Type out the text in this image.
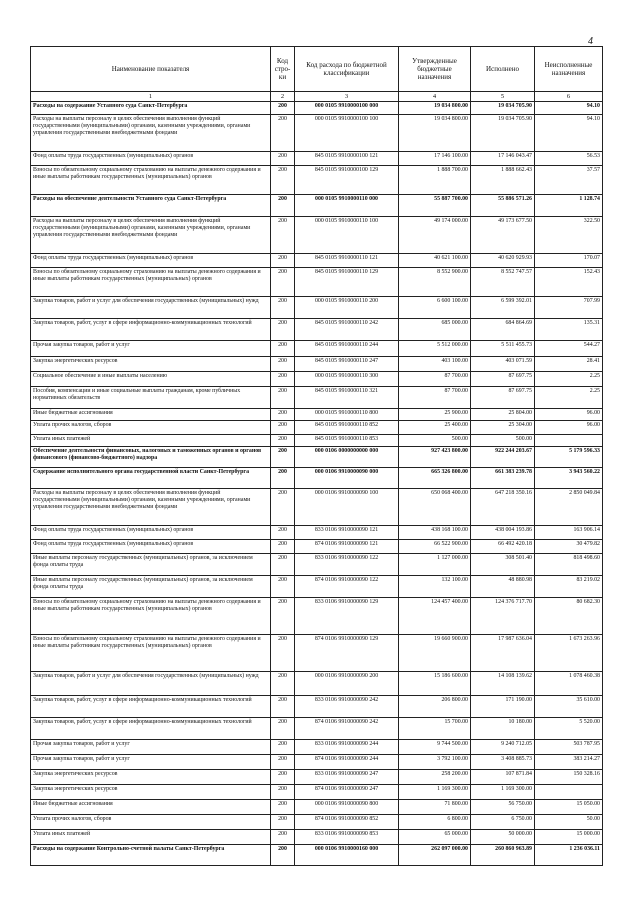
4
Наименование показателя	Код стро-ки	Код расхода по бюджетной классификации	Утвержденные бюджетные назначения	Исполнено	Неисполненные назначения
1	2	3	4	5	6
Расходы на содержание Уставного суда Санкт-Петербурга	200	000 0105 9910000100 000	19 034 800.00	19 034 705.90	94.10
Расходы на выплаты персоналу в целях обеспечения выполнения функций государственными (муниципальными) органами, казенными учреждениями, органами управления государственными внебюджетными фондами	200	000 0105 9910000100 100	19 034 800.00	19 034 705.90	94.10
Фонд оплаты труда государственных (муниципальных) органов	200	845 0105 9910000100 121	17 146 100.00	17 146 043.47	56.53
Взносы по обязательному социальному страхованию на выплаты денежного содержания и иные выплаты работникам государственных (муниципальных) органов	200	845 0105 9910000100 129	1 888 700.00	1 888 662.43	37.57
Расходы на обеспечение деятельности Уставного суда Санкт-Петербурга	200	000 0105 9910000110 000	55 887 700.00	55 886 571.26	1 128.74
Расходы на выплаты персоналу в целях обеспечения выполнения функций государственными (муниципальными) органами, казенными учреждениями, органами управления государственными внебюджетными фондами	200	000 0105 9910000110 100	49 174 000.00	49 173 677.50	322.50
Фонд оплаты труда государственных (муниципальных) органов	200	845 0105 9910000110 121	40 621 100.00	40 620 929.93	170.07
Взносы по обязательному социальному страхованию на выплаты денежного содержания и иные выплаты работникам государственных (муниципальных) органов	200	845 0105 9910000110 129	8 552 900.00	8 552 747.57	152.43
Закупка товаров, работ и услуг для обеспечения государственных (муниципальных) нужд	200	000 0105 9910000110 200	6 600 100.00	6 599 392.01	707.99
Закупка товаров, работ, услуг в сфере информационно-коммуникационных технологий	200	845 0105 9910000110 242	685 000.00	684 864.69	135.31
Прочая закупка товаров, работ и услуг	200	845 0105 9910000110 244	5 512 000.00	5 511 455.73	544.27
Закупка энергетических ресурсов	200	845 0105 9910000110 247	403 100.00	403 071.59	28.41
Социальное обеспечение и иные выплаты населению	200	000 0105 9910000110 300	87 700.00	87 697.75	2.25
Пособия, компенсации и иные социальные выплаты гражданам, кроме публичных нормативных обязательств	200	845 0105 9910000110 321	87 700.00	87 697.75	2.25
Иные бюджетные ассигнования	200	000 0105 9910000110 800	25 900.00	25 804.00	96.00
Уплата прочих налогов, сборов	200	845 0105 9910000110 852	25 400.00	25 304.00	96.00
Уплата иных платежей	200	845 0105 9910000110 853	500.00	500.00	
Обеспечение деятельности финансовых, налоговых и таможенных органов и органов финансового (финансово-бюджетного) надзора	200	000 0106 0000000000 000	927 423 800.00	922 244 203.67	5 179 596.33
Содержание исполнительного органа государственной власти Санкт-Петербурга	200	000 0106 9910000090 000	665 326 800.00	661 383 239.78	3 943 560.22
Расходы на выплаты персоналу в целях обеспечения выполнения функций государственными (муниципальными) органами, казенными учреждениями, органами управления государственными внебюджетными фондами	200	000 0106 9910000090 100	650 068 400.00	647 218 350.16	2 850 049.84
Фонд оплаты труда государственных (муниципальных) органов	200	833 0106 9910000090 121	438 168 100.00	438 004 193.86	163 906.14
Фонд оплаты труда государственных (муниципальных) органов	200	874 0106 9910000090 121	66 522 900.00	66 492 420.18	30 479.82
Иные выплаты персоналу государственных (муниципальных) органов, за исключением фонда оплаты труда	200	833 0106 9910000090 122	1 127 000.00	308 501.40	818 498.60
Иные выплаты персоналу государственных (муниципальных) органов, за исключением фонда оплаты труда	200	874 0106 9910000090 122	132 100.00	48 880.98	83 219.02
Взносы по обязательному социальному страхованию на выплаты денежного содержания и иные выплаты работникам государственных (муниципальных) органов	200	833 0106 9910000090 129	124 457 400.00	124 376 717.70	80 682.30
Взносы по обязательному социальному страхованию на выплаты денежного содержания и иные выплаты работникам государственных (муниципальных) органов	200	874 0106 9910000090 129	19 660 900.00	17 987 636.04	1 673 263.96
Закупка товаров, работ и услуг для обеспечения государственных (муниципальных) нужд	200	000 0106 9910000090 200	15 186 600.00	14 108 139.62	1 078 460.38
Закупка товаров, работ, услуг в сфере информационно-коммуникационных технологий	200	833 0106 9910000090 242	206 800.00	171 190.00	35 610.00
Закупка товаров, работ, услуг в сфере информационно-коммуникационных технологий	200	874 0106 9910000090 242	15 700.00	10 180.00	5 520.00
Прочая закупка товаров, работ и услуг	200	833 0106 9910000090 244	9 744 500.00	9 240 712.05	503 787.95
Прочая закупка товаров, работ и услуг	200	874 0106 9910000090 244	3 792 100.00	3 408 885.73	383 214.27
Закупка энергетических ресурсов	200	833 0106 9910000090 247	258 200.00	107 871.84	150 328.16
Закупка энергетических ресурсов	200	874 0106 9910000090 247	1 169 300.00	1 169 300.00	
Иные бюджетные ассигнования	200	000 0106 9910000090 800	71 800.00	56 750.00	15 050.00
Уплата прочих налогов, сборов	200	874 0106 9910000090 852	6 800.00	6 750.00	50.00
Уплата иных платежей	200	833 0106 9910000090 853	65 000.00	50 000.00	15 000.00
Расходы на содержание Контрольно-счетной палаты Санкт-Петербурга	200	000 0106 9910000160 000	262 097 000.00	260 860 963.89	1 236 036.11
